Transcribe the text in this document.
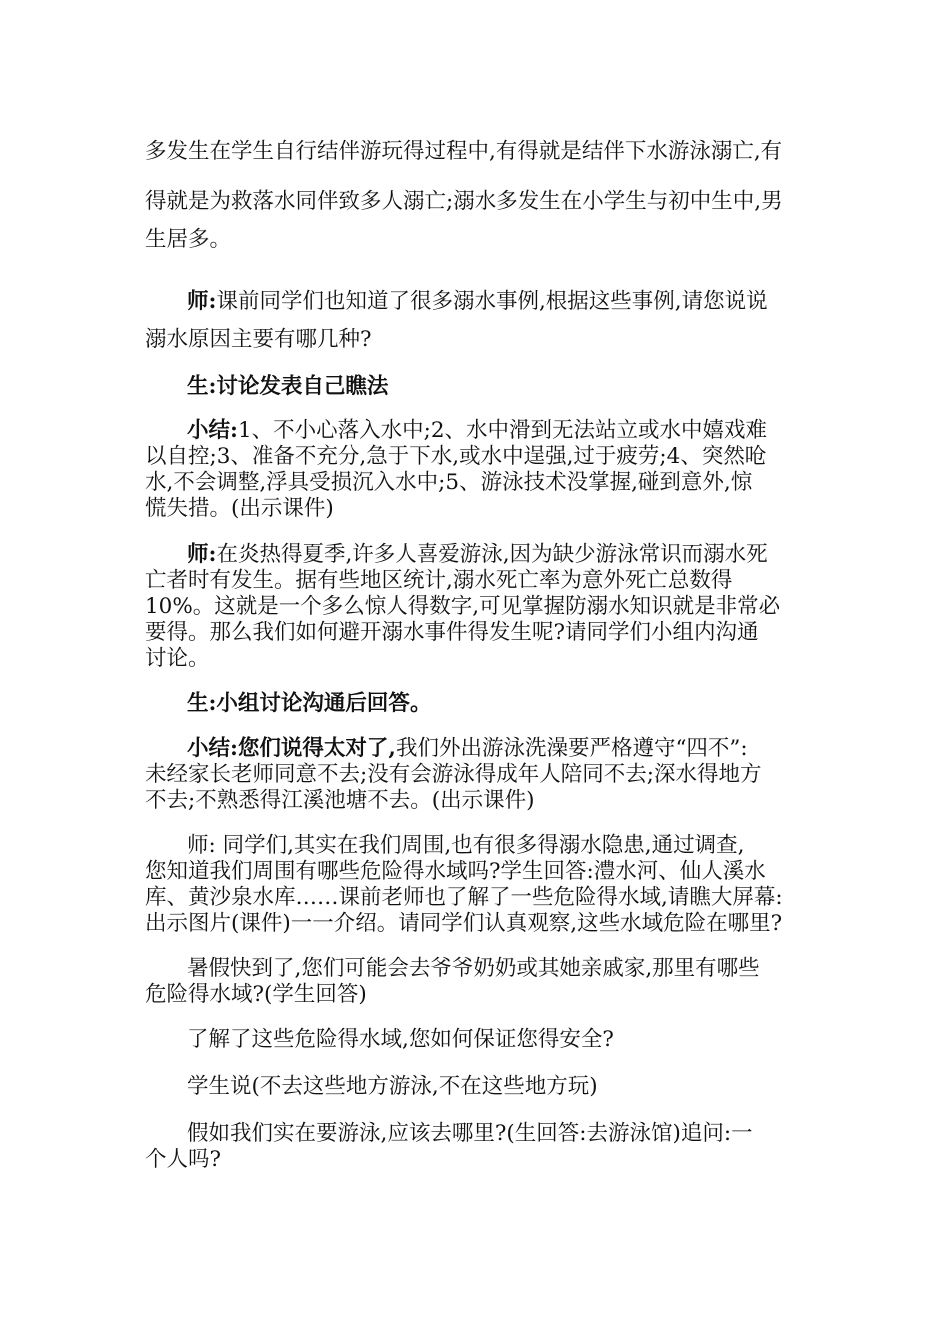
多发生在学生自行结伴游玩得过程中,有得就是结伴下水游泳溺亡,有
得就是为救落水同伴致多人溺亡;溺水多发生在小学生与初中生中,男
生居多。
师:课前同学们也知道了很多溺水事例,根据这些事例,请您说说
溺水原因主要有哪几种?
生:讨论发表自己瞧法
小结:1、不小心落入水中;2、水中滑到无法站立或水中嬉戏难
以自控;3、准备不充分,急于下水,或水中逞强,过于疲劳;4、突然呛
水,不会调整,浮具受损沉入水中;5、游泳技术没掌握,碰到意外,惊
慌失措。(出示课件)
师:在炎热得夏季,许多人喜爱游泳,因为缺少游泳常识而溺水死
亡者时有发生。据有些地区统计,溺水死亡率为意外死亡总数得
10%。这就是一个多么惊人得数字,可见掌握防溺水知识就是非常必
要得。那么我们如何避开溺水事件得发生呢?请同学们小组内沟通
讨论。
生:小组讨论沟通后回答。
小结:您们说得太对了,我们外出游泳洗澡要严格遵守“四不”:
未经家长老师同意不去;没有会游泳得成年人陪同不去;深水得地方
不去;不熟悉得江溪池塘不去。(出示课件)
师: 同学们,其实在我们周围,也有很多得溺水隐患,通过调查,
您知道我们周围有哪些危险得水域吗?学生回答:澧水河、仙人溪水
库、黄沙泉水库……课前老师也了解了一些危险得水域,请瞧大屏幕:
出示图片(课件)一一介绍。请同学们认真观察,这些水域危险在哪里?
暑假快到了,您们可能会去爷爷奶奶或其她亲戚家,那里有哪些
危险得水域?(学生回答)
了解了这些危险得水域,您如何保证您得安全?
学生说(不去这些地方游泳,不在这些地方玩)
假如我们实在要游泳,应该去哪里?(生回答:去游泳馆)追问:一
个人吗?
